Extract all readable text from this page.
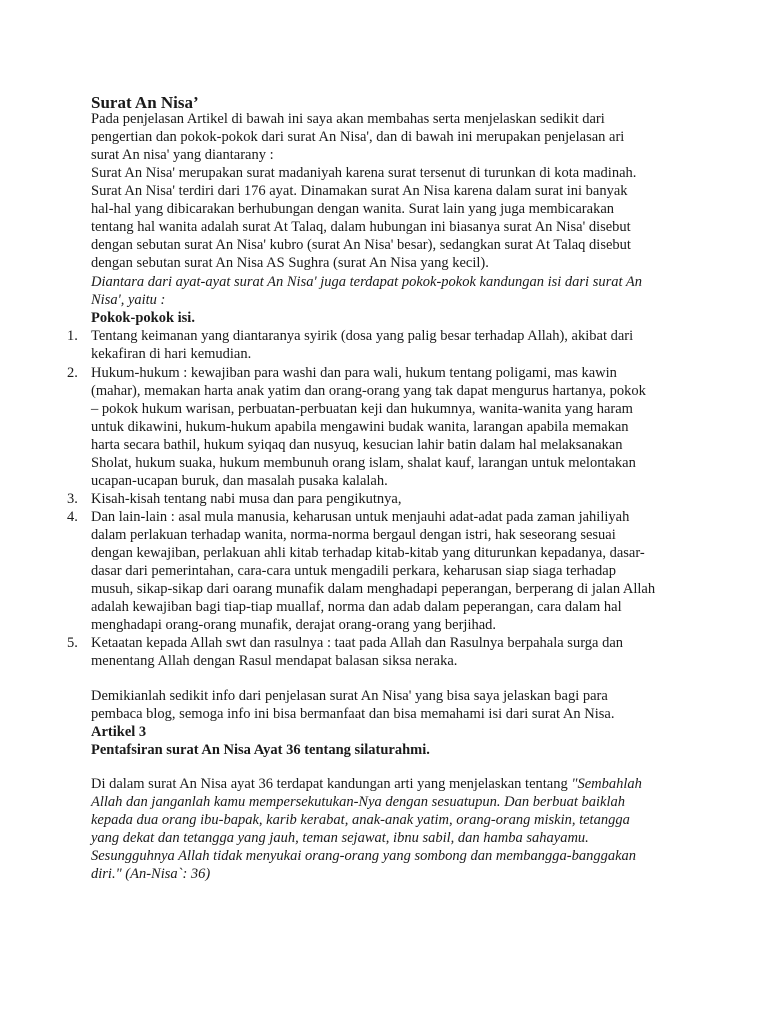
Surat An Nisa’

Pada penjelasan Artikel di bawah ini saya akan membahas serta menjelaskan sedikit dari

pengertian dan pokok-pokok dari surat An Nisa', dan di bawah ini merupakan penjelasan ari

surat An nisa' yang diantarany :

Surat An Nisa' merupakan surat madaniyah karena surat tersenut di turunkan di kota madinah.

Surat An Nisa' terdiri dari 176 ayat. Dinamakan surat An Nisa karena dalam surat ini banyak

hal-hal yang dibicarakan berhubungan dengan wanita. Surat lain yang juga membicarakan

tentang hal wanita adalah surat At Talaq, dalam hubungan ini biasanya surat An Nisa' disebut

dengan sebutan surat An Nisa' kubro (surat An Nisa' besar), sedangkan surat At Talaq disebut

dengan sebutan surat An Nisa AS Sughra (surat An Nisa yang kecil).

Diantara dari ayat-ayat surat An Nisa' juga terdapat pokok-pokok kandungan isi dari surat An

Nisa', yaitu :

Pokok-pokok isi.

1. Tentang keimanan yang diantaranya syirik (dosa yang palig besar terhadap Allah), akibat dari

kekafiran di hari kemudian.

2. Hukum-hukum : kewajiban para washi dan para wali, hukum tentang poligami, mas kawin

(mahar), memakan harta anak yatim dan orang-orang yang tak dapat mengurus hartanya, pokok

– pokok hukum warisan, perbuatan-perbuatan keji dan hukumnya, wanita-wanita yang haram

untuk dikawini, hukum-hukum apabila mengawini budak wanita, larangan apabila memakan

harta secara bathil, hukum syiqaq dan nusyuq, kesucian lahir batin dalam hal melaksanakan

Sholat, hukum suaka, hukum membunuh orang islam, shalat kauf, larangan untuk melontakan

ucapan-ucapan buruk, dan masalah pusaka kalalah.

3. Kisah-kisah tentang nabi musa dan para pengikutnya,

4. Dan lain-lain : asal mula manusia, keharusan untuk menjauhi adat-adat pada zaman jahiliyah

dalam perlakuan terhadap wanita, norma-norma bergaul dengan istri, hak seseorang sesuai

dengan kewajiban, perlakuan ahli kitab terhadap kitab-kitab yang diturunkan kepadanya, dasar-

dasar dari pemerintahan, cara-cara untuk mengadili perkara, keharusan siap siaga terhadap

musuh, sikap-sikap dari oarang munafik dalam menghadapi peperangan, berperang di jalan Allah

adalah kewajiban bagi tiap-tiap muallaf, norma dan adab dalam peperangan, cara dalam hal

menghadapi orang-orang munafik, derajat orang-orang yang berjihad.

5. Ketaatan kepada Allah swt dan rasulnya : taat pada Allah dan Rasulnya berpahala surga dan

menentang Allah dengan Rasul mendapat balasan siksa neraka.

Demikianlah sedikit info dari penjelasan surat An Nisa' yang bisa saya jelaskan bagi para

pembaca blog, semoga info ini bisa bermanfaat dan bisa memahami isi dari surat An Nisa.

Artikel 3

Pentafsiran surat An Nisa Ayat 36 tentang silaturahmi.

Di dalam surat An Nisa ayat 36 terdapat kandungan arti yang menjelaskan tentang "Sembahlah

Allah dan janganlah kamu mempersekutukan-Nya dengan sesuatupun. Dan berbuat baiklah

kepada dua orang ibu-bapak, karib kerabat, anak-anak yatim, orang-orang miskin, tetangga

yang dekat dan tetangga yang jauh, teman sejawat, ibnu sabil, dan hamba sahayamu.

Sesungguhnya Allah tidak menyukai orang-orang yang sombong dan membangga-banggakan

diri." (An-Nisa`: 36)
